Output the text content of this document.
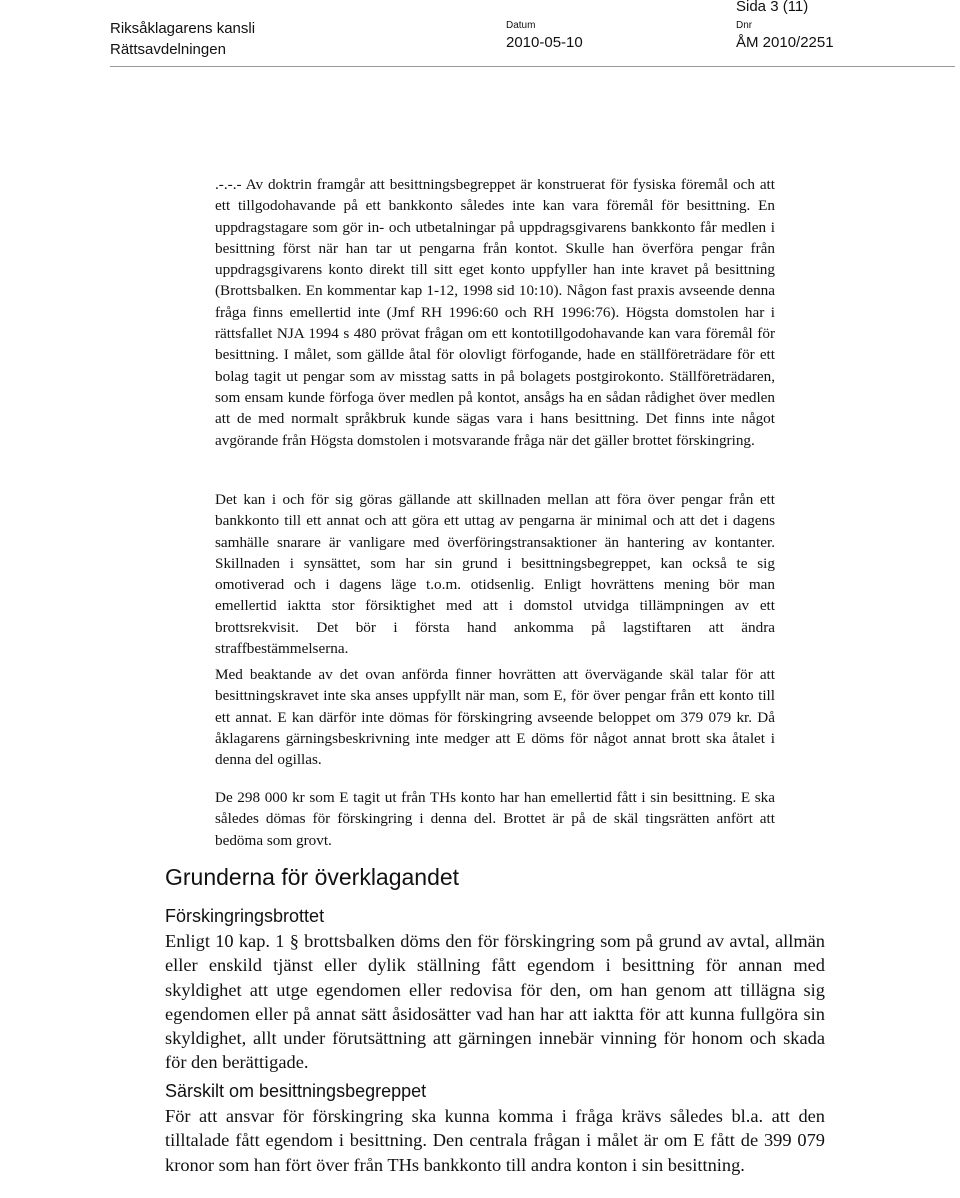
Riksåklagarens kansli
Rättsavdelningen
Datum
2010-05-10
Dnr
ÅM 2010/2251
Sida 3 (11)

.-.-.- Av doktrin framgår att besittningsbegreppet är konstruerat för fysiska föremål och att ett tillgodohavande på ett bankkonto således inte kan vara föremål för besittning. En uppdragstagare som gör in- och utbetalningar på uppdragsgivarens bankkonto får medlen i besittning först när han tar ut pengarna från kontot. Skulle han överföra pengar från uppdragsgivarens konto direkt till sitt eget konto uppfyller han inte kravet på besittning (Brottsbalken. En kommentar kap 1-12, 1998 sid 10:10). Någon fast praxis avseende denna fråga finns emellertid inte (Jmf RH 1996:60 och RH 1996:76). Högsta domstolen har i rättsfallet NJA 1994 s 480 prövat frågan om ett kontotillgodohavande kan vara föremål för besittning. I målet, som gällde åtal för olovligt förfogande, hade en ställföreträdare för ett bolag tagit ut pengar som av misstag satts in på bolagets postgirokonto. Ställföreträdaren, som ensam kunde förfoga över medlen på kontot, ansågs ha en sådan rådighet över medlen att de med normalt språkbruk kunde sägas vara i hans besittning. Det finns inte något avgörande från Högsta domstolen i motsvarande fråga när det gäller brottet förskingring.

Det kan i och för sig göras gällande att skillnaden mellan att föra över pengar från ett bankkonto till ett annat och att göra ett uttag av pengarna är minimal och att det i dagens samhälle snarare är vanligare med överföringstransaktioner än hantering av kontanter. Skillnaden i synsättet, som har sin grund i besittningsbegreppet, kan också te sig omotiverad och i dagens läge t.o.m. otidsenlig. Enligt hovrättens mening bör man emellertid iaktta stor försiktighet med att i domstol utvidga tillämpningen av ett brottsrekvisit. Det bör i första hand ankomma på lagstiftaren att ändra straffbestämmelserna.

Med beaktande av det ovan anförda finner hovrätten att övervägande skäl talar för att besittningskravet inte ska anses uppfyllt när man, som E, för över pengar från ett konto till ett annat. E kan därför inte dömas för förskingring avseende beloppet om 379 079 kr. Då åklagarens gärningsbeskrivning inte medger att E döms för något annat brott ska åtalet i denna del ogillas.

De 298 000 kr som E tagit ut från THs konto har han emellertid fått i sin besittning. E ska således dömas för förskingring i denna del. Brottet är på de skäl tingsrätten anfört att bedöma som grovt.

Grunderna för överklagandet
Förskingringsbrottet

Enligt 10 kap. 1 § brottsbalken döms den för förskingring som på grund av avtal, allmän eller enskild tjänst eller dylik ställning fått egendom i besittning för annan med skyldighet att utge egendomen eller redovisa för den, om han genom att tillägna sig egendomen eller på annat sätt åsidosätter vad han har att iaktta för att kunna fullgöra sin skyldighet, allt under förutsättning att gärningen innebär vinning för honom och skada för den berättigade.

Särskilt om besittningsbegreppet

För att ansvar för förskingring ska kunna komma i fråga krävs således bl.a. att den tilltalade fått egendom i besittning. Den centrala frågan i målet är om E fått de 399 079 kronor som han fört över från THs bankkonto till andra konton i sin besittning.
